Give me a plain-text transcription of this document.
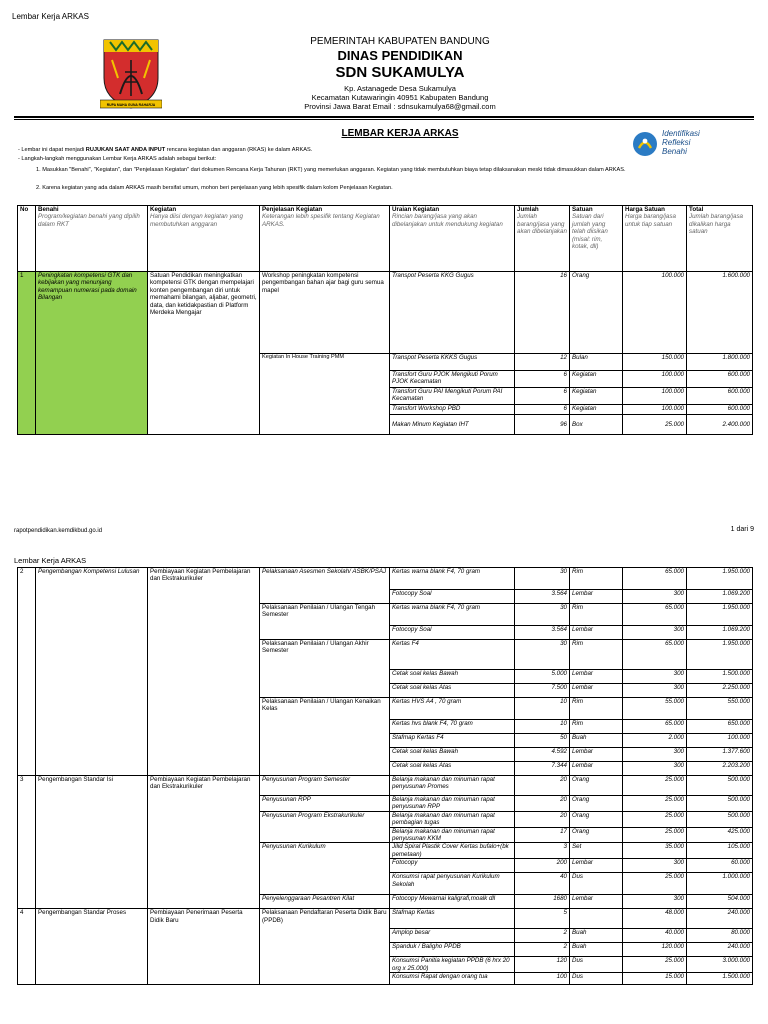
Lembar Kerja ARKAS
RUPA MAHA GUNA RAHARJA
PEMERINTAH KABUPATEN BANDUNG
DINAS PENDIDIKAN
SDN SUKAMULYA
Kp. Astanagede Desa Sukamulya
Kecamatan Kutawaringin 40951 Kabupaten Bandung
Provinsi Jawa Barat Email : sdnsukamulya68@gmail.com
LEMBAR KERJA ARKAS	Identifikasi
Refleksi
Benahi
- Lembar ini dapat menjadi RUJUKAN SAAT ANDA INPUT rencana kegiatan dan anggaran (RKAS) ke dalam ARKAS.
- Langkah-langkah menggunakan Lembar Kerja ARKAS adalah sebagai berikut:
1. Masukkan "Benahi", "Kegiatan", dan "Penjelasan Kegiatan" dari dokumen Rencana Kerja Tahunan (RKT) yang memerlukan anggaran. Kegiatan yang tidak membutuhkan biaya tetap dilaksanakan meski tidak dimasukkan dalam ARKAS.
2. Karena kegiatan yang ada dalam ARKAS masih bersifat umum, mohon beri penjelasan yang lebih spesifik dalam kolom Penjelasan Kegiatan.
No	Benahi
Program/kegiatan benahi yang dipilih dalam RKT	Kegiatan
Hanya diisi dengan kegiatan yang membutuhkan anggaran	Penjelasan Kegiatan
Keterangan lebih spesifik tentang Kegiatan ARKAS.	Uraian Kegiatan
Rincian barang/jasa yang akan dibelanjakan untuk mendukung kegiatan	Jumlah
Jumlah barang/jasa yang akan dibelanjakan	Satuan
Satuan dari jumlah yang telah diisikan (misal: rim, kotak, dll)	Harga Satuan
Harga barang/jasa untuk tiap satuan	Total
Jumlah barang/jasa dikalikan harga satuan

1	Peningkatan kompetensi GTK dan kebijakan yang menunjang kemampuan numerasi pada domain Bilangan	Satuan Pendidikan meningkatkan kompetensi GTK dengan mempelajari konten pengembangan diri untuk memahami bilangan, aljabar, geometri, data, dan ketidakpastian di Platform Merdeka Mengajar	Workshop peningkatan kompetensi pengembangan bahan ajar bagi guru semua mapel	Transpot Peserta KKG Gugus	16	Orang	100.000	1.600.000
			Kegiatan In House Training PMM	Transpot Peserta KKKS Gugus	12	Bulan	150.000	1.800.000
				Transfort Guru PJOK Mengikuti Porum PJOK Kecamatan	6	Kegiatan	100.000	600.000
				Transfort Guru PAI Mengikuti Porum PAI Kecamatan	6	Kegiatan	100.000	600.000
				Transfort Workshop PBD	6	Kegiatan	100.000	600.000
				Makan Minum Kegiatan IHT	96	Box	25.000	2.400.000
rapotpendidikan.kemdikbud.go.id	1 dari 9
Lembar Kerja ARKAS
2	Pengembangan Kompetensi Lulusan	Pembiayaan Kegiatan Pembelajaran dan Ekstrakurikuler	Pelaksanaan Asesmen Sekolah/ ASBK/PSAJ	Kertas warna blank F4, 70 gram	30	Rim	65.000	1.950.000
				Fotocopy Soal	3.564	Lembar	300	1.069.200
			Pelaksanaan Penilaian / Ulangan Tengah Semester	Kertas warna blank F4, 70 gram	30	Rim	65.000	1.950.000
				Fotocopy Soal	3.564	Lembar	300	1.069.200
			Pelaksanaan Penilaian / Ulangan Akhir Semester	Kertas F4	30	Rim	65.000	1.950.000
				Cetak soal kelas Bawah	5.000	Lembar	300	1.500.000
				Cetak soal kelas Atas	7.500	Lembar	300	2.250.000
			Pelaksanaan Penilaian / Ulangan Kenaikan Kelas	Kertas HVS A4 , 70 gram	10	Rim	55.000	550.000
				Kertas hvs blank F4, 70 gram	10	Rim	65.000	650.000
				Stafmap Kertas F4	50	Buah	2.000	100.000
				Cetak soal kelas Bawah	4.592	Lembar	300	1.377.600
				Cetak soal kelas Atas	7.344	Lembar	300	2.203.200
3	Pengembangan Standar Isi	Pembiayaan Kegiatan Pembelajaran dan Ekstrakurikuler	Penyusunan Program Semester	Belanja makanan dan minuman rapat penyusunan Promes	20	Orang	25.000	500.000
			Penyusunan RPP	Belanja makanan dan minuman rapat penyusunan RPP	20	Orang	25.000	500.000
			Penyusunan Program Ekstrakurikuler	Belanja makanan dan minuman rapat pembagian tugas	20	Orang	25.000	500.000
				Belanja makanan dan minuman rapat penyusunan KKM	17	Orang	25.000	425.000
			Penyusunan Kurikulum	Jilid Spiral Plastik Cover Kertas bufalo+(bk pemetaan)	3	Set	35.000	105.000
				Fotocopy	200	Lembar	300	60.000
				Konsumsi rapat penyusunan Kurikulum Sekolah	40	Dus	25.000	1.000.000
			Penyelenggaraan Pesantren Kilat	Fotocopy Mewarnai kaligrafi,moalk dll	1680	Lembar	300	504.000
4	Pengembangan Standar Proses	Pembiayaan Penerimaan Peserta Didik Baru	Pelaksanaan Pendaftaran Peserta Didik Baru (PPDB)	Stafmap Kertas	5		48.000	240.000
				Amplop besar	2	Buah	40.000	80.000
				Spanduk / Baligho PPDB	2	Buah	120.000	240.000
				Konsumsi Panitia kegiatan PPDB (6 hrx 20 org x 25.000)	120	Dus	25.000	3.000.000
				Konsumsi Rapat dengan orang tua	100	Dus	15.000	1.500.000
